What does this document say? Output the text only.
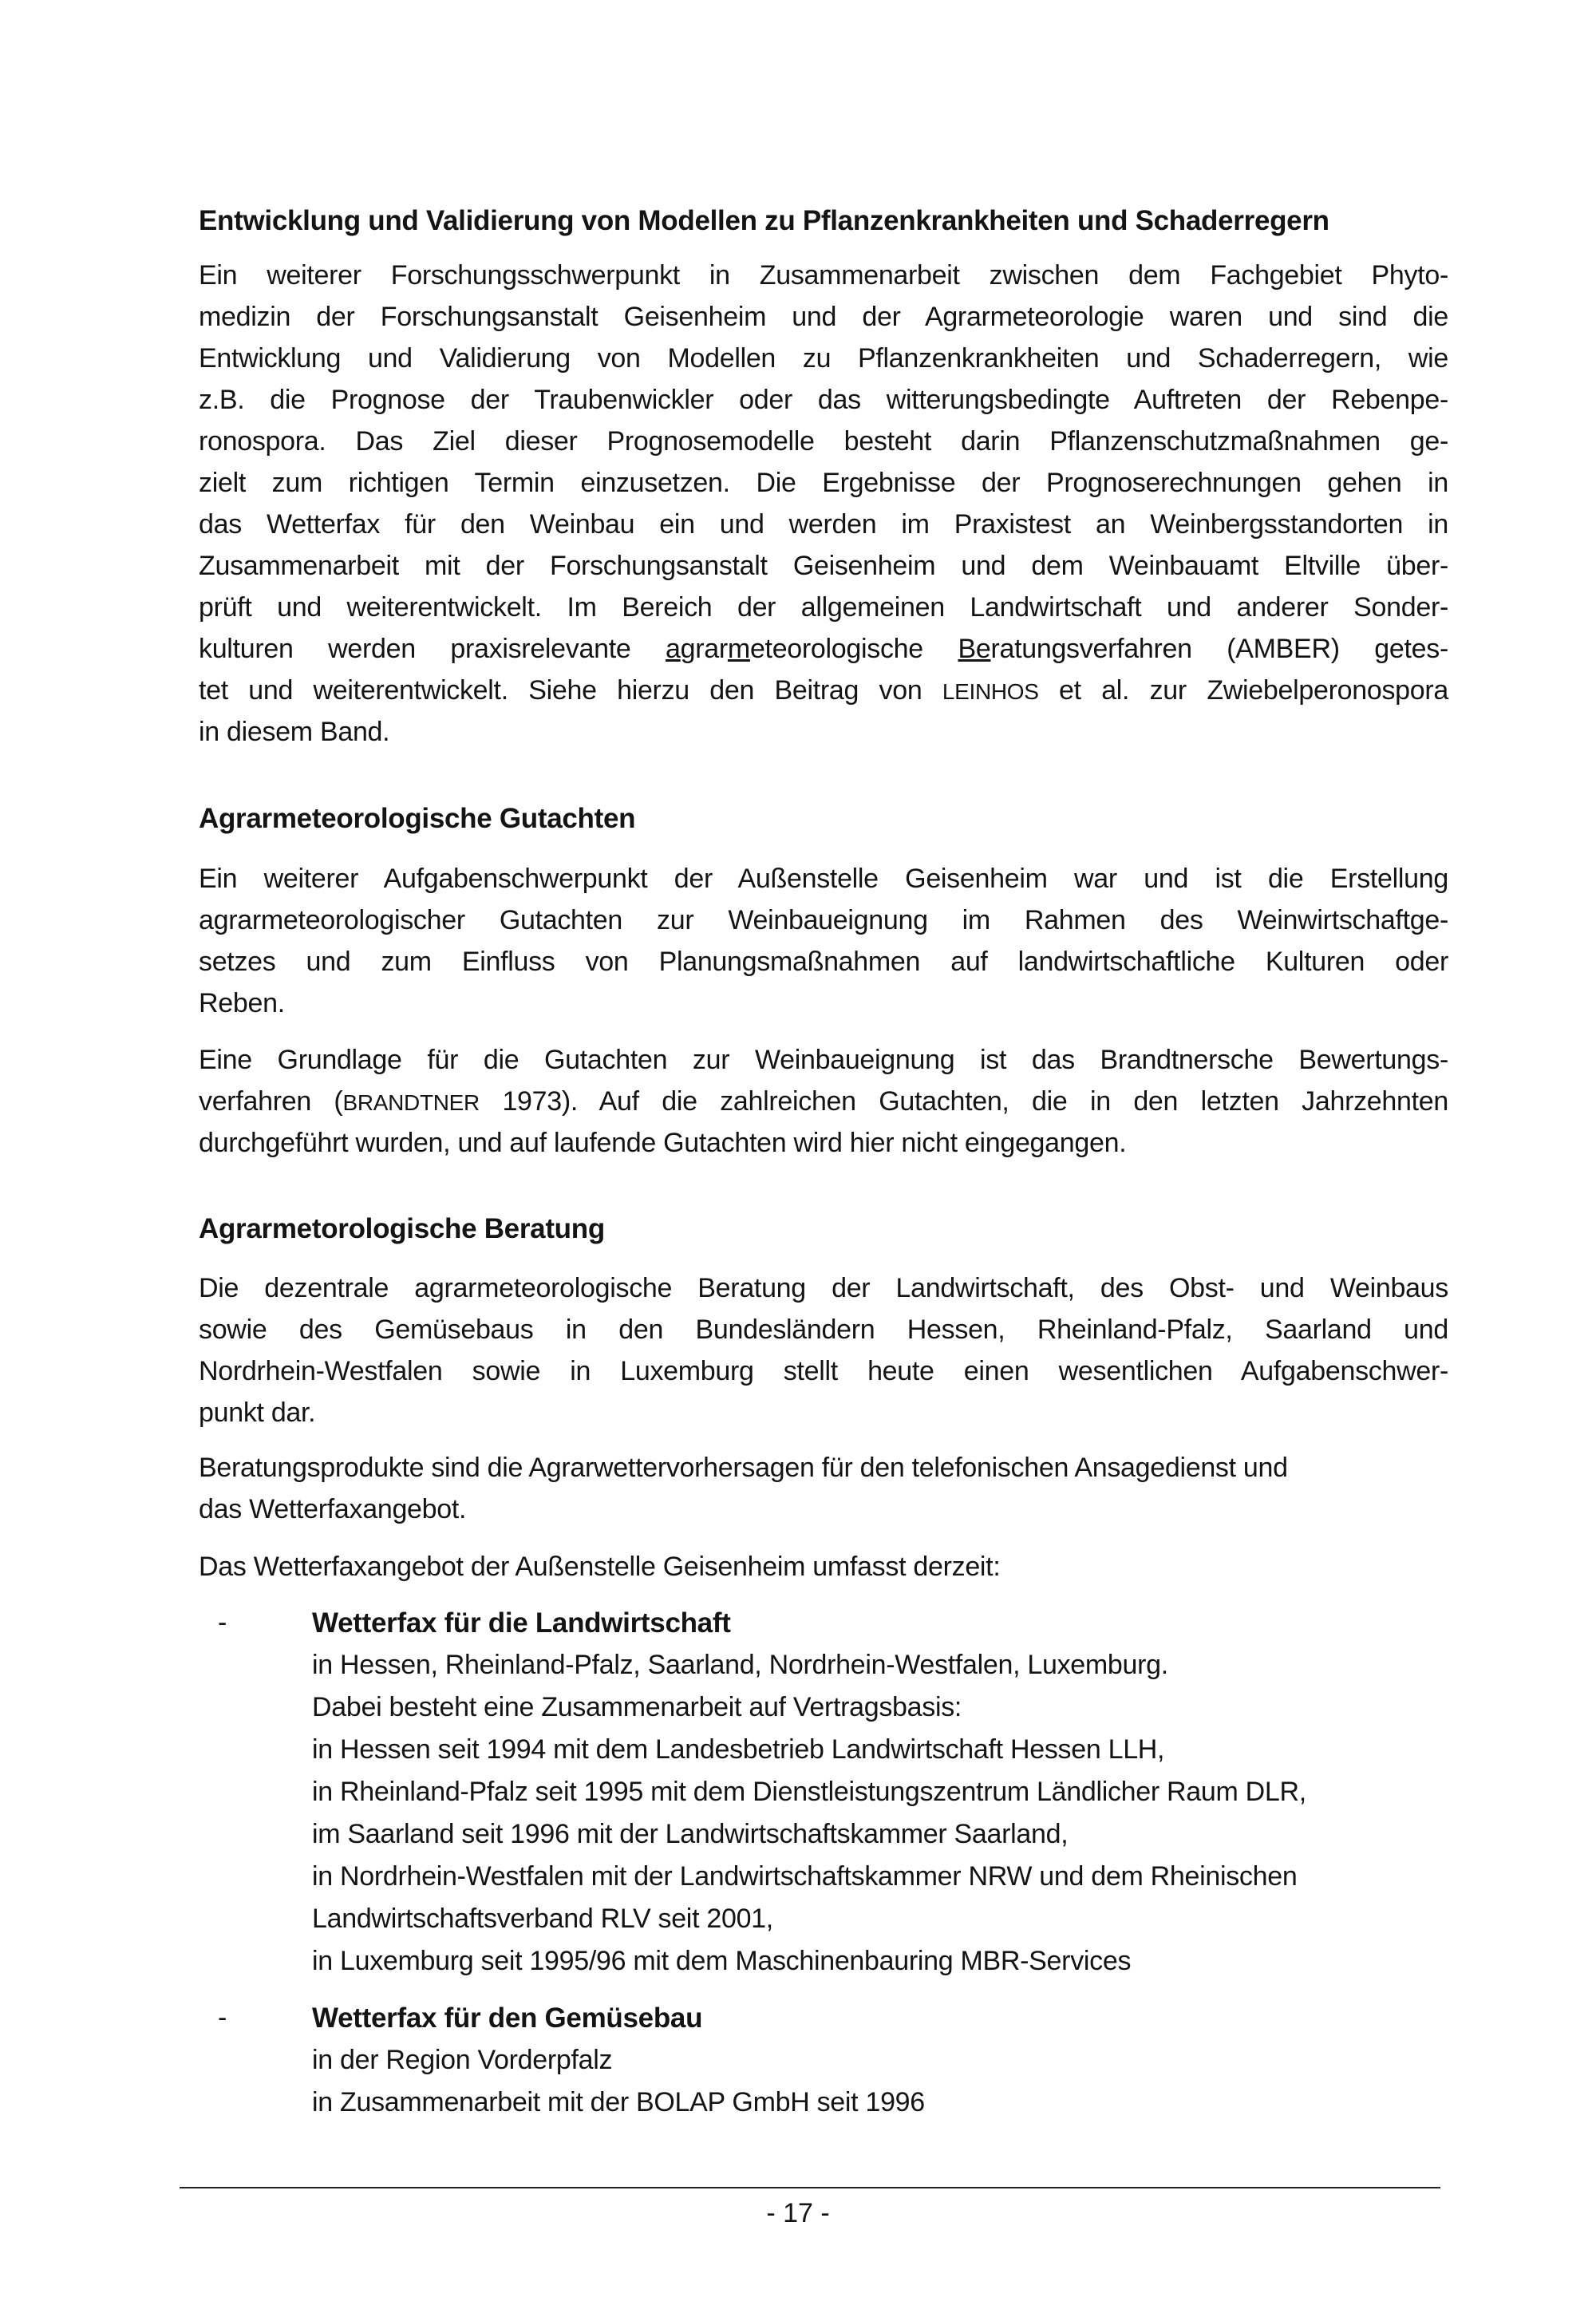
Entwicklung und Validierung von Modellen zu Pflanzenkrankheiten und Schaderregern
Ein weiterer Forschungsschwerpunkt in Zusammenarbeit zwischen dem Fachgebiet Phyto-
medizin der Forschungsanstalt Geisenheim und der Agrarmeteorologie waren und sind die
Entwicklung und Validierung von Modellen zu Pflanzenkrankheiten und Schaderregern, wie
z.B. die Prognose der Traubenwickler oder das witterungsbedingte Auftreten der Rebenpe-
ronospora. Das Ziel dieser Prognosemodelle besteht darin Pflanzenschutzmaßnahmen ge-
zielt zum richtigen Termin einzusetzen. Die Ergebnisse der Prognoserechnungen gehen in
das Wetterfax für den Weinbau ein und werden im Praxistest an Weinbergsstandorten in
Zusammenarbeit mit der Forschungsanstalt Geisenheim und dem Weinbauamt Eltville über-
prüft und weiterentwickelt. Im Bereich der allgemeinen Landwirtschaft und anderer Sonder-
kulturen werden praxisrelevante agrarmeteorologische Beratungsverfahren (AMBER) getes-
tet und weiterentwickelt. Siehe hierzu den Beitrag von LEINHOS et al. zur Zwiebelperonospora
in diesem Band.
Agrarmeteorologische Gutachten
Ein weiterer Aufgabenschwerpunkt der Außenstelle Geisenheim war und ist die Erstellung
agrarmeteorologischer Gutachten zur Weinbaueignung im Rahmen des Weinwirtschaftge-
setzes und zum Einfluss von Planungsmaßnahmen auf landwirtschaftliche Kulturen oder
Reben.
Eine Grundlage für die Gutachten zur Weinbaueignung ist das Brandtnersche Bewertungs-
verfahren (BRANDTNER 1973). Auf die zahlreichen Gutachten, die in den letzten Jahrzehnten
durchgeführt wurden, und auf laufende Gutachten wird hier nicht eingegangen.
Agrarmetorologische Beratung
Die dezentrale agrarmeteorologische Beratung der Landwirtschaft, des Obst- und Weinbaus
sowie des Gemüsebaus in den Bundesländern Hessen, Rheinland-Pfalz, Saarland und
Nordrhein-Westfalen sowie in Luxemburg stellt heute einen wesentlichen Aufgabenschwer-
punkt dar.
Beratungsprodukte sind die Agrarwettervorhersagen für den telefonischen Ansagedienst und
das Wetterfaxangebot.
Das Wetterfaxangebot der Außenstelle Geisenheim umfasst derzeit:
-	Wetterfax für die Landwirtschaft
in Hessen, Rheinland-Pfalz, Saarland, Nordrhein-Westfalen, Luxemburg.
Dabei besteht eine Zusammenarbeit auf Vertragsbasis:
in Hessen seit 1994 mit dem Landesbetrieb Landwirtschaft Hessen LLH,
in Rheinland-Pfalz seit 1995 mit dem Dienstleistungszentrum Ländlicher Raum DLR,
im Saarland seit 1996 mit der Landwirtschaftskammer Saarland,
in Nordrhein-Westfalen mit der Landwirtschaftskammer NRW und dem Rheinischen
Landwirtschaftsverband RLV seit 2001,
in Luxemburg seit 1995/96 mit dem Maschinenbauring MBR-Services
-	Wetterfax für den Gemüsebau
in der Region Vorderpfalz
in Zusammenarbeit mit der BOLAP GmbH seit 1996
- 17 -
